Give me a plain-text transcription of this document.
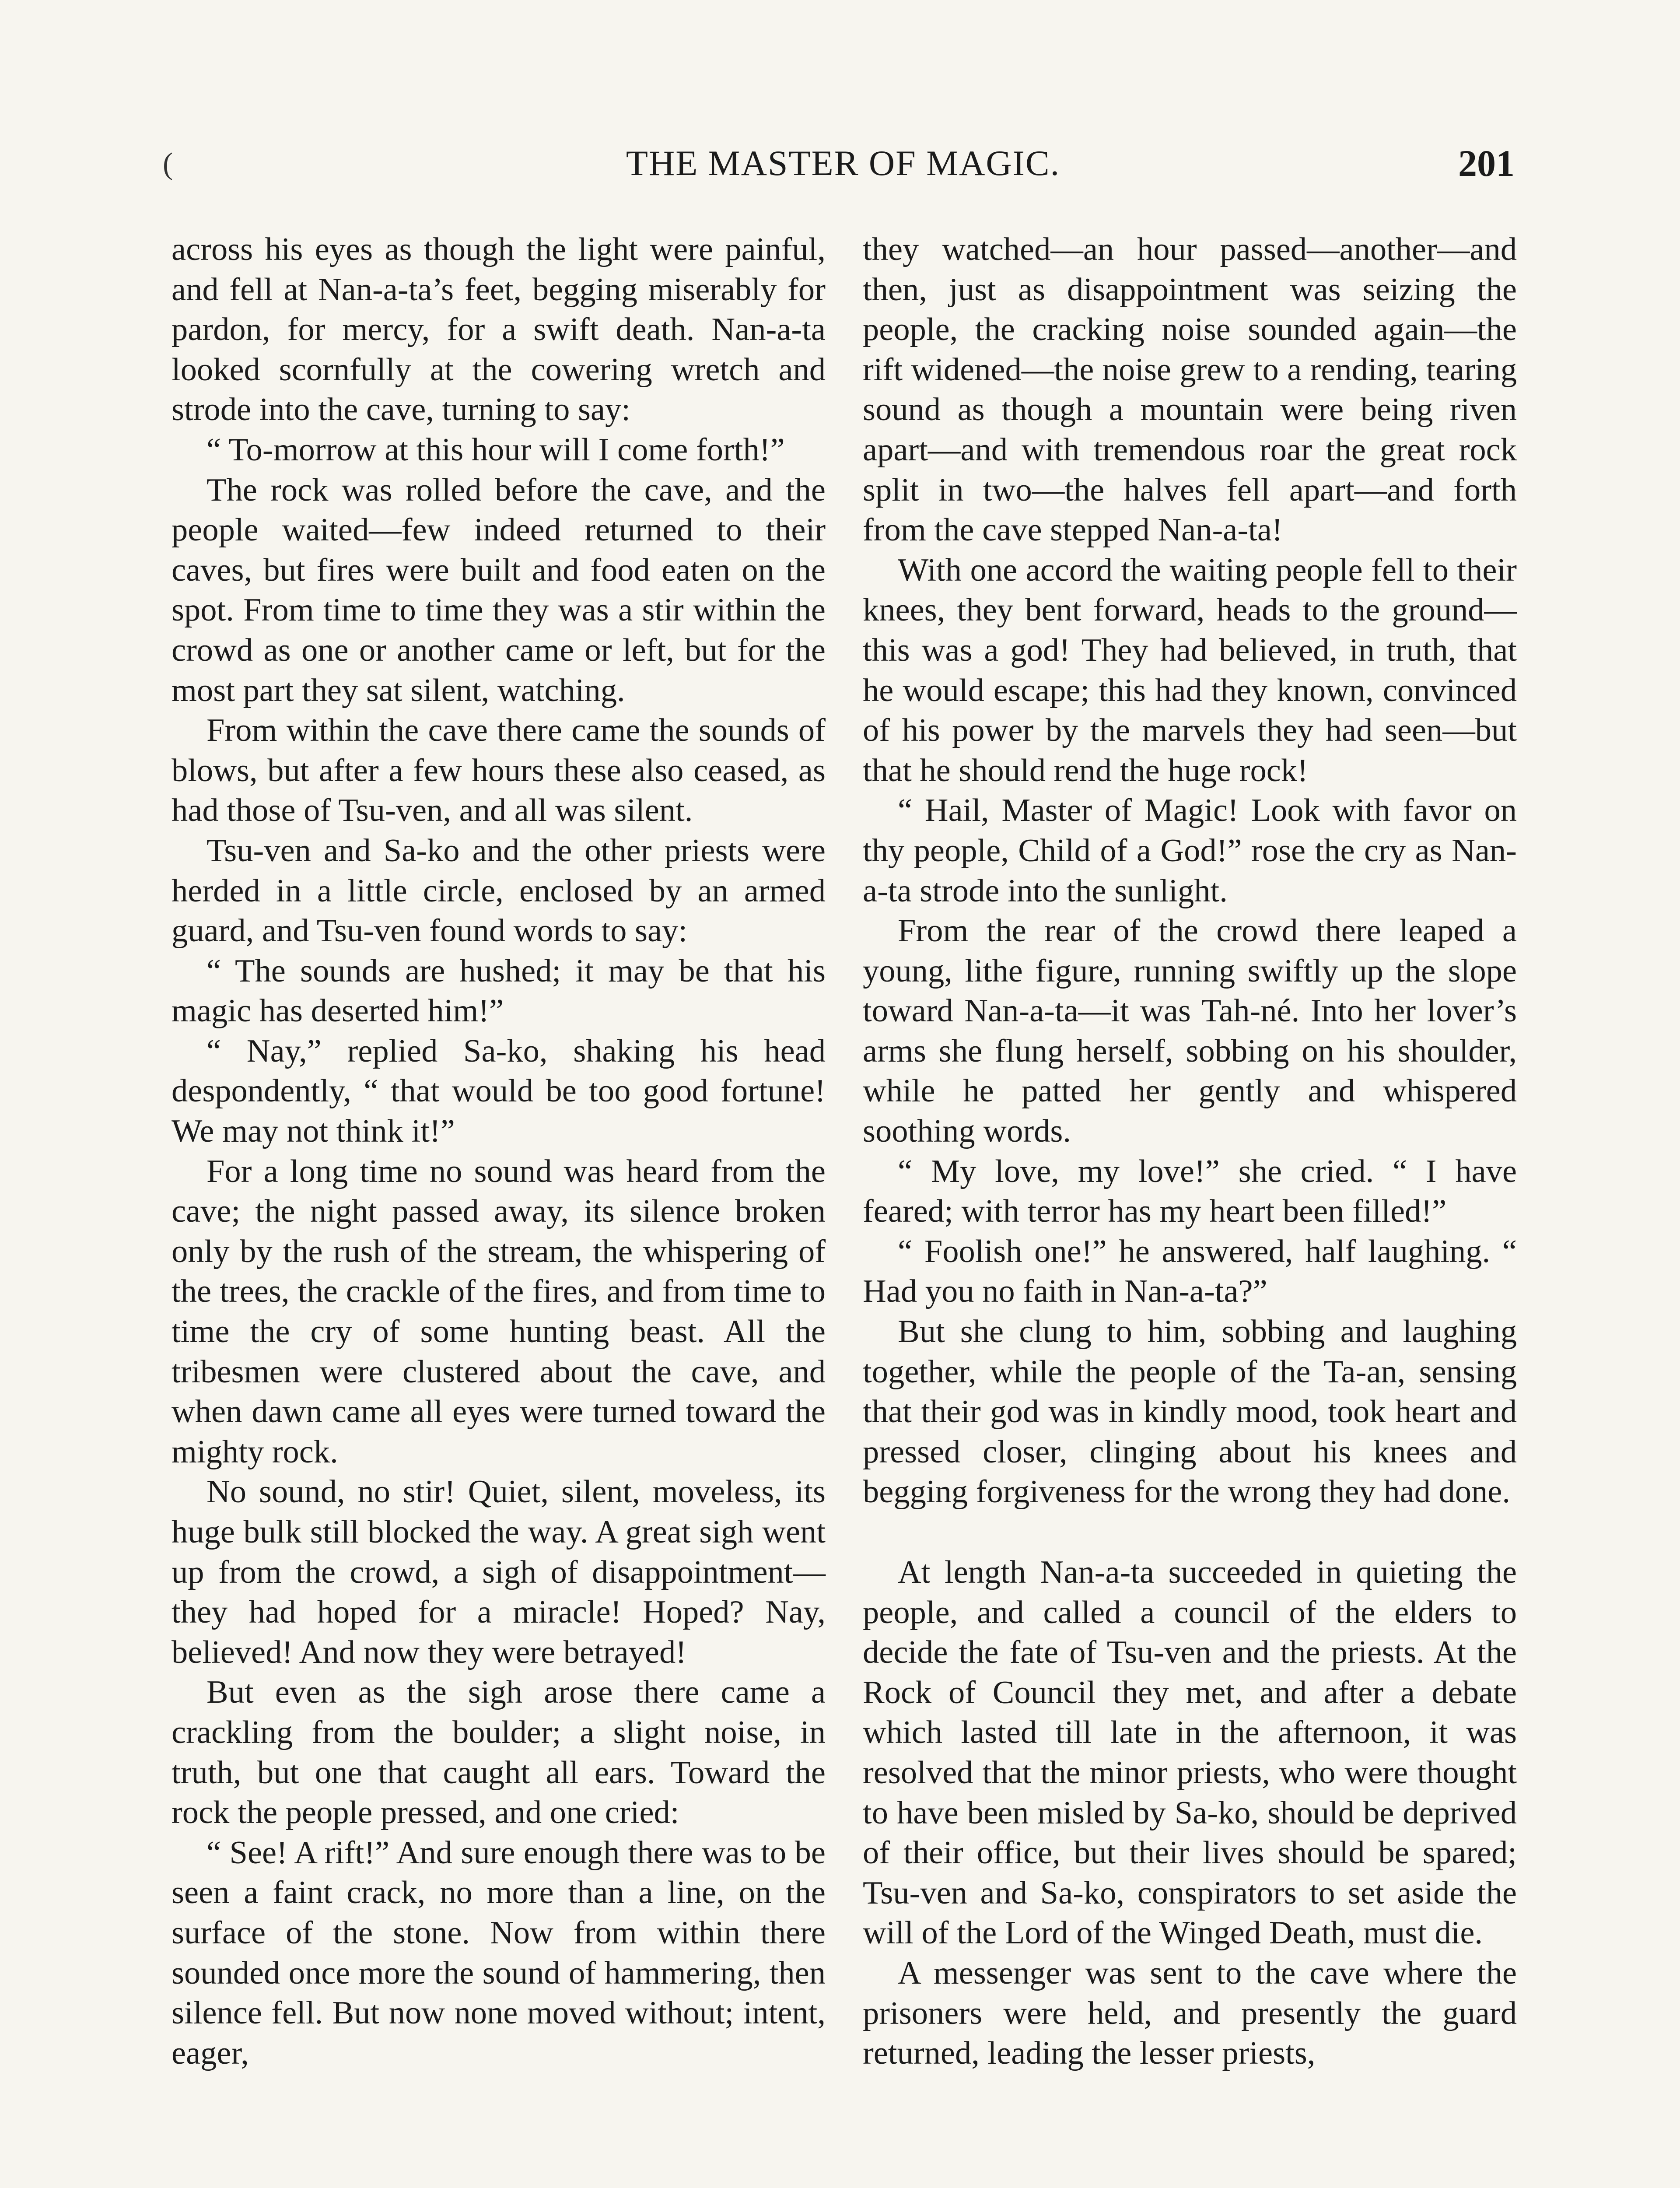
(	THE MASTER OF MAGIC.	201

across his eyes as though the light were painful, and fell at Nan-a-ta’s feet, begging miserably for pardon, for mercy, for a swift death. Nan-a-ta looked scornfully at the cowering wretch and strode into the cave, turning to say:

“ To-morrow at this hour will I come forth!”

The rock was rolled before the cave, and the people waited—few indeed returned to their caves, but fires were built and food eaten on the spot. From time to time they was a stir within the crowd as one or another came or left, but for the most part they sat silent, watching.

From within the cave there came the sounds of blows, but after a few hours these also ceased, as had those of Tsu-ven, and all was silent.

Tsu-ven and Sa-ko and the other priests were herded in a little circle, enclosed by an armed guard, and Tsu-ven found words to say:

“ The sounds are hushed; it may be that his magic has deserted him!”

“ Nay,” replied Sa-ko, shaking his head despondently, “ that would be too good fortune! We may not think it!”

For a long time no sound was heard from the cave; the night passed away, its silence broken only by the rush of the stream, the whispering of the trees, the crackle of the fires, and from time to time the cry of some hunting beast. All the tribesmen were clustered about the cave, and when dawn came all eyes were turned toward the mighty rock.

No sound, no stir! Quiet, silent, moveless, its huge bulk still blocked the way. A great sigh went up from the crowd, a sigh of disappointment—they had hoped for a miracle! Hoped? Nay, believed! And now they were betrayed!

But even as the sigh arose there came a crackling from the boulder; a slight noise, in truth, but one that caught all ears. Toward the rock the people pressed, and one cried:

“ See! A rift!” And sure enough there was to be seen a faint crack, no more than a line, on the surface of the stone. Now from within there sounded once more the sound of hammering, then silence fell. But now none moved without; intent, eager,

they watched—an hour passed—another—and then, just as disappointment was seizing the people, the cracking noise sounded again—the rift widened—the noise grew to a rending, tearing sound as though a mountain were being riven apart—and with tremendous roar the great rock split in two—the halves fell apart—and forth from the cave stepped Nan-a-ta!

With one accord the waiting people fell to their knees, they bent forward, heads to the ground—this was a god! They had believed, in truth, that he would escape; this had they known, convinced of his power by the marvels they had seen—but that he should rend the huge rock!

“ Hail, Master of Magic! Look with favor on thy people, Child of a God!” rose the cry as Nan-a-ta strode into the sunlight.

From the rear of the crowd there leaped a young, lithe figure, running swiftly up the slope toward Nan-a-ta—it was Tah-né. Into her lover’s arms she flung herself, sobbing on his shoulder, while he patted her gently and whispered soothing words.

“ My love, my love!” she cried. “ I have feared; with terror has my heart been filled!”

“ Foolish one!” he answered, half laughing. “ Had you no faith in Nan-a-ta?”

But she clung to him, sobbing and laughing together, while the people of the Ta-an, sensing that their god was in kindly mood, took heart and pressed closer, clinging about his knees and begging forgiveness for the wrong they had done.

At length Nan-a-ta succeeded in quieting the people, and called a council of the elders to decide the fate of Tsu-ven and the priests. At the Rock of Council they met, and after a debate which lasted till late in the afternoon, it was resolved that the minor priests, who were thought to have been misled by Sa-ko, should be deprived of their office, but their lives should be spared; Tsu-ven and Sa-ko, conspirators to set aside the will of the Lord of the Winged Death, must die.

A messenger was sent to the cave where the prisoners were held, and presently the guard returned, leading the lesser priests,
